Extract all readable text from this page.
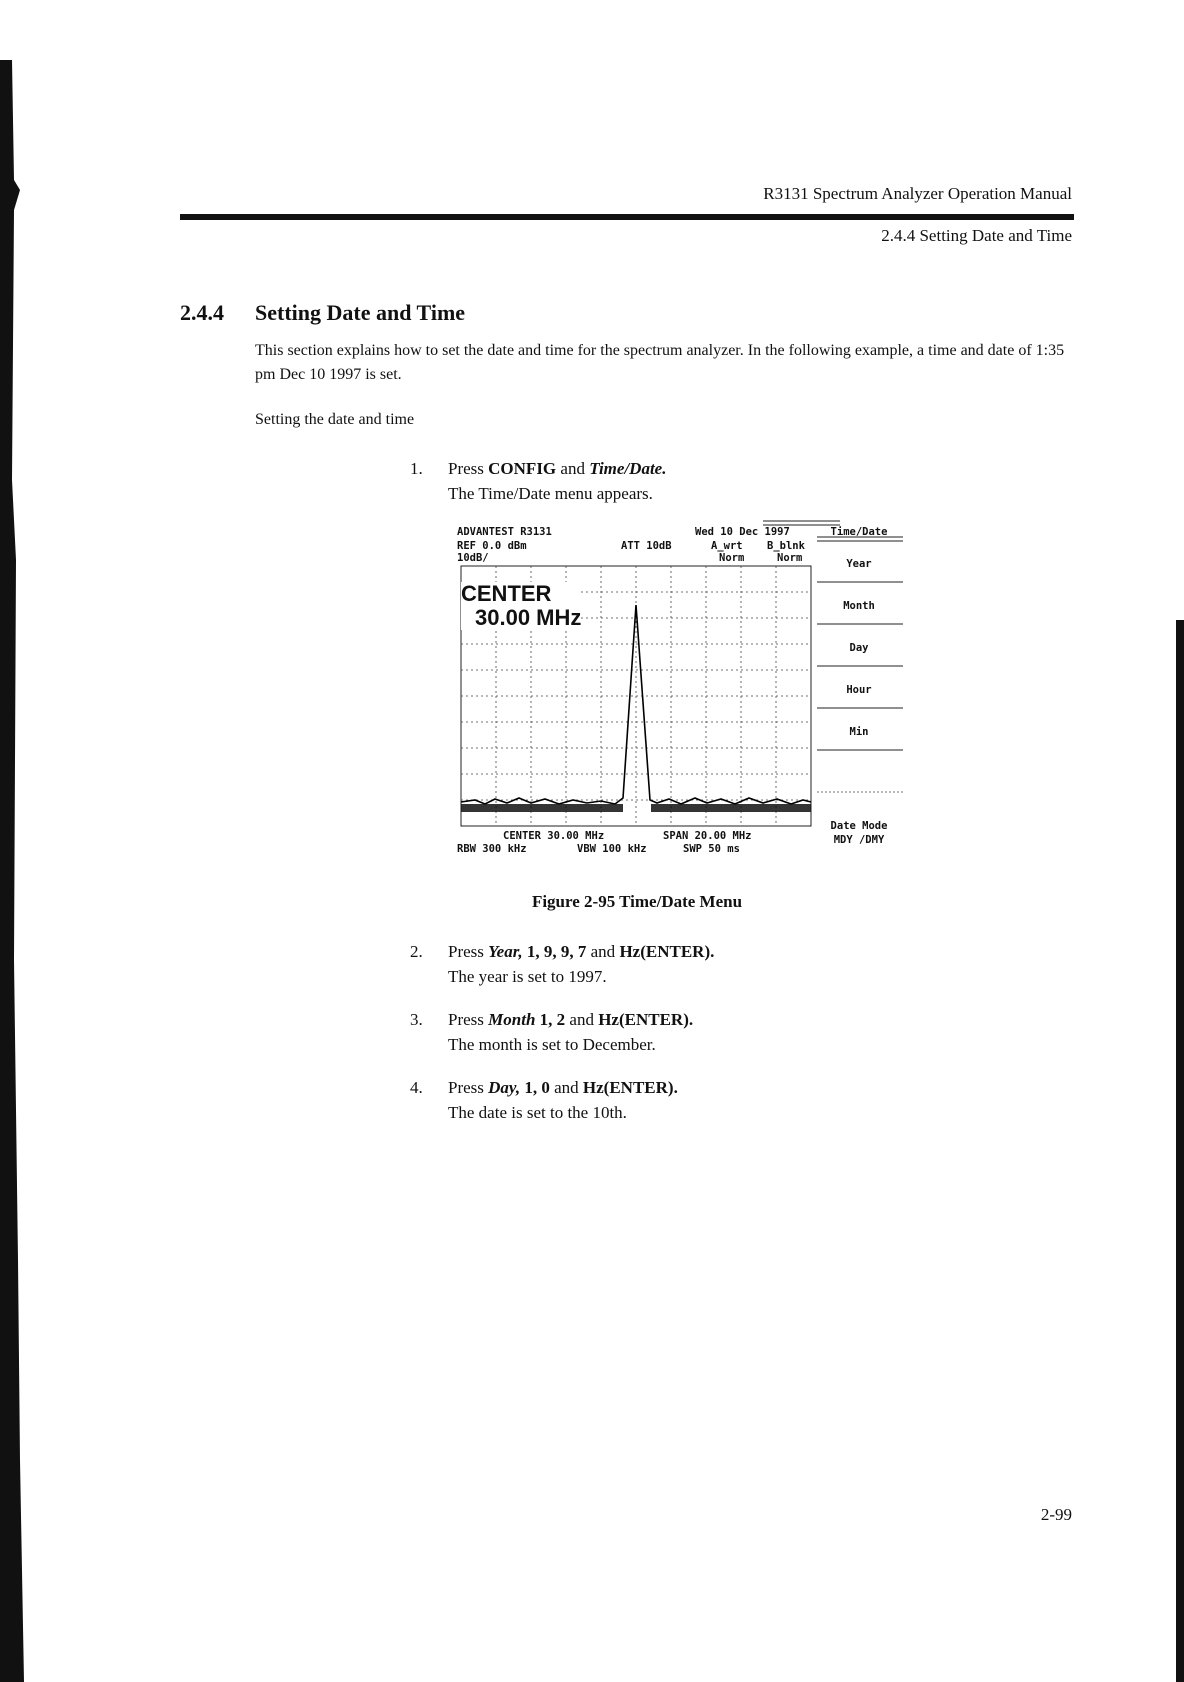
R3131 Spectrum Analyzer Operation Manual
2.4.4 Setting Date and Time
2.4.4 Setting Date and Time
This section explains how to set the date and time for the spectrum analyzer. In the following example, a time and date of 1:35 pm Dec 10 1997 is set.
Setting the date and time
1.	Press CONFIG and Time/Date.
The Time/Date menu appears.
ADVANTEST R3131	Wed 10 Dec 1997
REF 0.0 dBm	ATT 10dB	A_wrt B_blnk
10dB/	Norm	Norm
CENTER
30.00 MHz
CENTER 30.00 MHz	SPAN 20.00 MHz
RBW 300 kHz	VBW 100 kHz	SWP 50 ms
Time/Date
Year
Month
Day
Hour
Min
Date Mode
MDY /DMY
Figure 2-95 Time/Date Menu
2.	Press Year, 1, 9, 9, 7 and Hz(ENTER).
The year is set to 1997.
3.	Press Month 1, 2 and Hz(ENTER).
The month is set to December.
4.	Press Day, 1, 0 and Hz(ENTER).
The date is set to the 10th.
2-99
